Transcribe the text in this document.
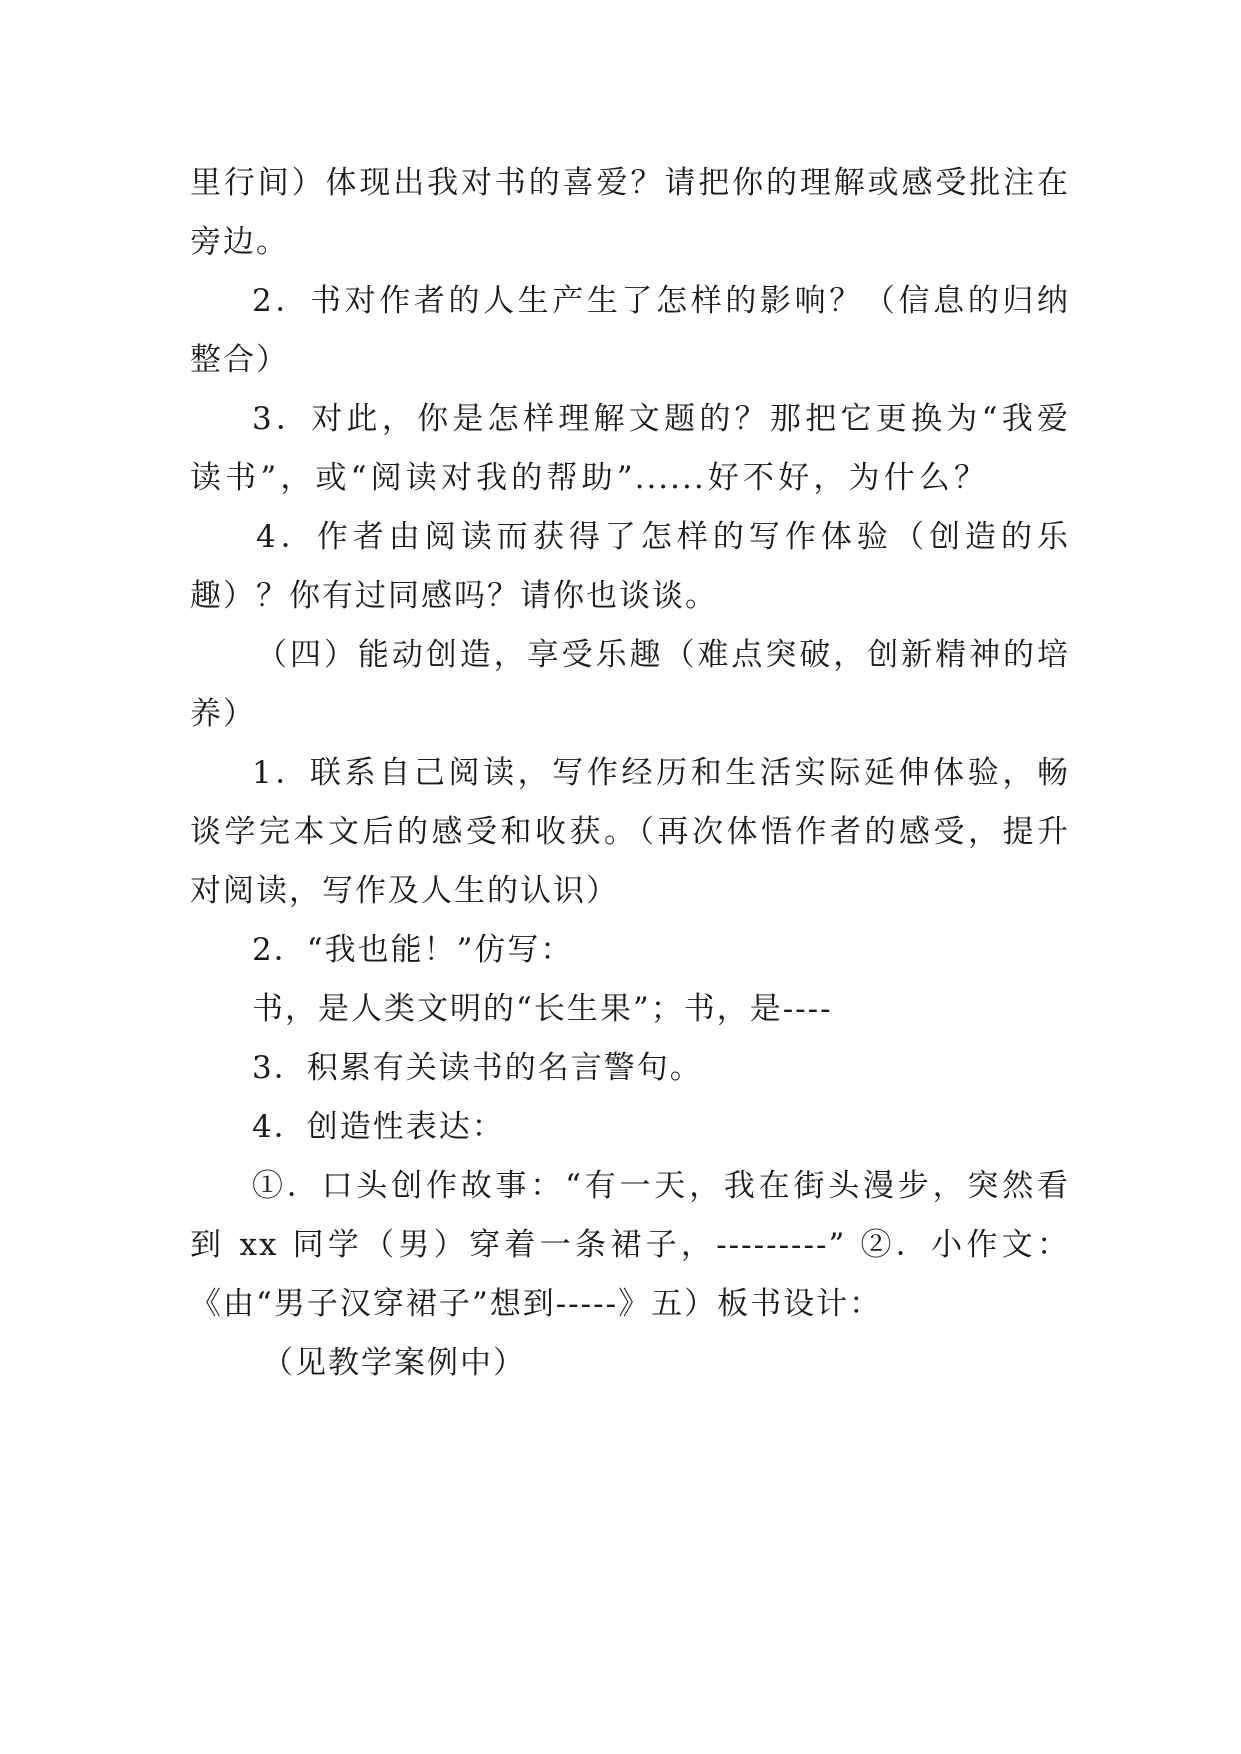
里行间）体现出我对书的喜爱？请把你的理解或感受批注在
旁边。
2．书对作者的人生产生了怎样的影响？（信息的归纳
整合）
3．对此，你是怎样理解文题的？那把它更换为“我爱
读书”，或“阅读对我的帮助”......好不好，为什么？
4．作者由阅读而获得了怎样的写作体验（创造的乐
趣）？你有过同感吗？请你也谈谈。
（四）能动创造，享受乐趣（难点突破，创新精神的培
养）
1．联系自己阅读，写作经历和生活实际延伸体验，畅
谈学完本文后的感受和收获。（再次体悟作者的感受，提升
对阅读，写作及人生的认识）
2．“我也能！”仿写：
书，是人类文明的“长生果”；书，是----
3．积累有关读书的名言警句。
4．创造性表达：
①．口头创作故事：“有一天，我在街头漫步，突然看
到 xx 同学（男）穿着一条裙子，---------” ②．小作文：
《由“男子汉穿裙子”想到-----》五）板书设计：
（见教学案例中）
